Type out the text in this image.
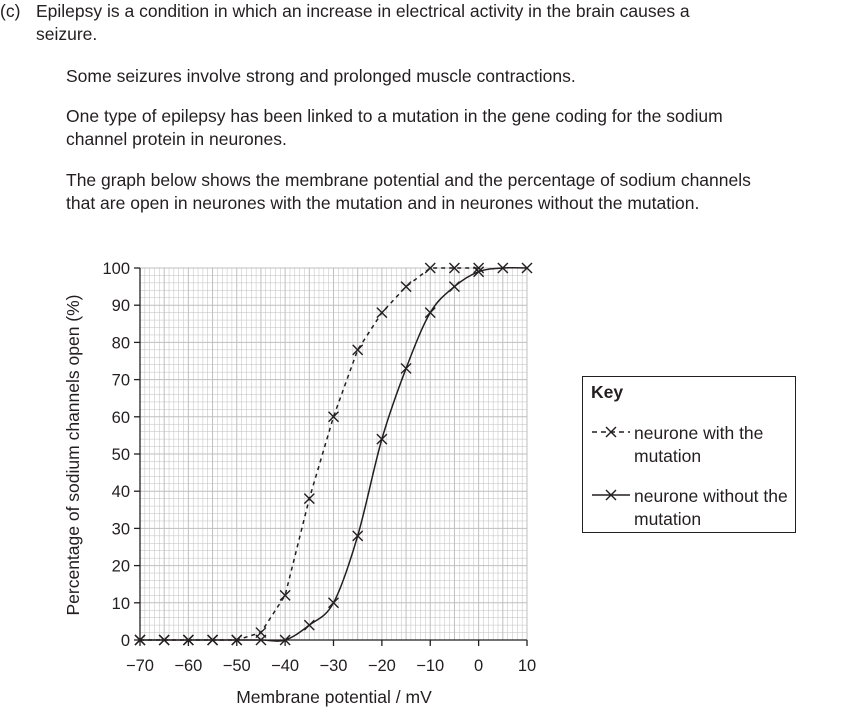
(c) Epilepsy is a condition in which an increase in electrical activity in the brain causes a seizure.

Some seizures involve strong and prolonged muscle contractions.

One type of epilepsy has been linked to a mutation in the gene coding for the sodium channel protein in neurones.

The graph below shows the membrane potential and the percentage of sodium channels that are open in neurones with the mutation and in neurones without the mutation.

0
10
20
30
40
50
60
70
80
90
100
−70 −60 −50 −40 −30 −20 −10 0 10
Percentage of sodium channels open (%)
Membrane potential / mV
Key
neurone with the mutation
neurone without the mutation
